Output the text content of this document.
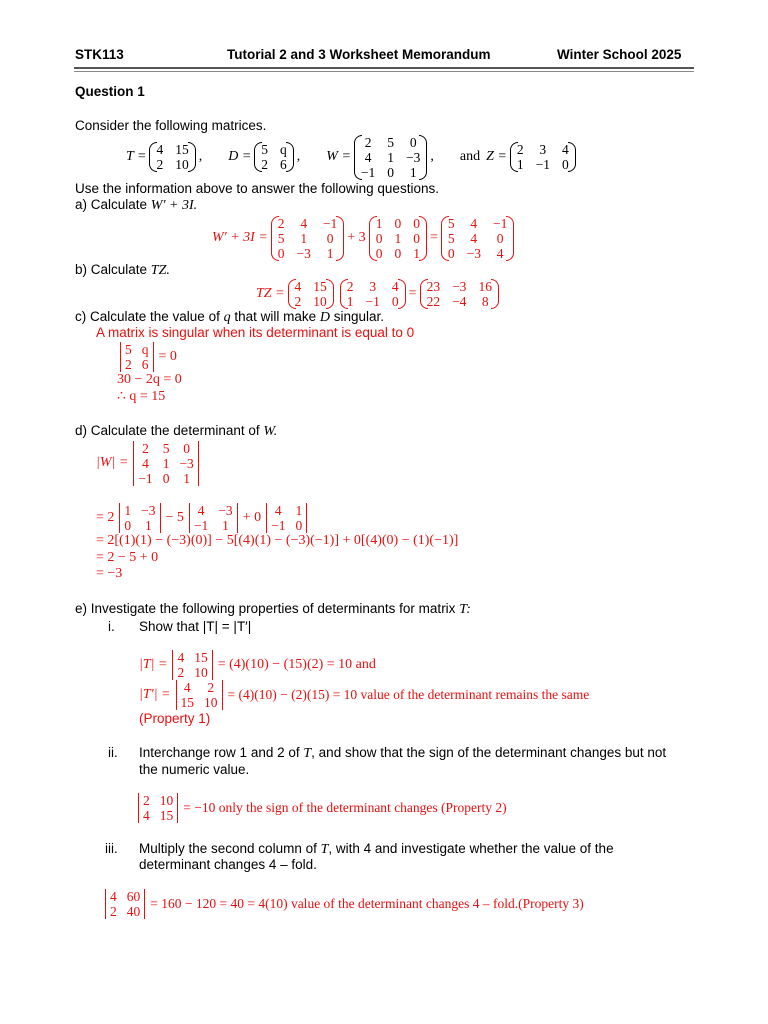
STK113	Tutorial 2 and 3 Worksheet Memorandum	Winter School 2025
Question 1
Consider the following matrices.
T = 4 15
2 10
, D = 5 q
2 6
, W =
2 5 0
4 1 −3
−1 0 1
, and Z = 2 3 4
1 −1 0
Use the information above to answer the following questions.
a) Calculate W′ + 3I.
W′ + 3I =
2 4 −1
5 1 0
0 −3 1
+ 3
1 0 0
0 1 0
0 0 1
=
5 4 −1
5 4 0
0 −3 4
b) Calculate TZ.
TZ = 4 15
2 10
2 3 4
1 −1 0
= 23 −3 16
22 −4 8
c) Calculate the value of q that will make D singular.
A matrix is singular when its determinant is equal to 0
5 q
2 6
= 0
30 − 2q = 0
∴ q = 15
d) Calculate the determinant of W.
|W| =
2 5 0
4 1 −3
−1 0 1
= 2 1 −3
0 1
− 5 4 −3
−1 1
+ 0 4 1
−1 0
= 2[(1)(1) − (−3)(0)] − 5[(4)(1) − (−3)(−1)] + 0[(4)(0) − (1)(−1)]
= 2 − 5 + 0
= −3
e) Investigate the following properties of determinants for matrix T:
i. Show that |T| = |T′|
|T| = 4 15
2 10
= (4)(10) − (15)(2) = 10 and
|T′| = 4 2
15 10
= (4)(10) − (2)(15) = 10 value of the determinant remains the same
(Property 1)
ii. Interchange row 1 and 2 of T, and show that the sign of the determinant changes but not
the numeric value.
2 10
4 15
= −10 only the sign of the determinant changes (Property 2)
iii. Multiply the second column of T, with 4 and investigate whether the value of the
determinant changes 4 – fold.
4 60
2 40
= 160 − 120 = 40 = 4(10) value of the determinant changes 4 – fold.(Property 3)
